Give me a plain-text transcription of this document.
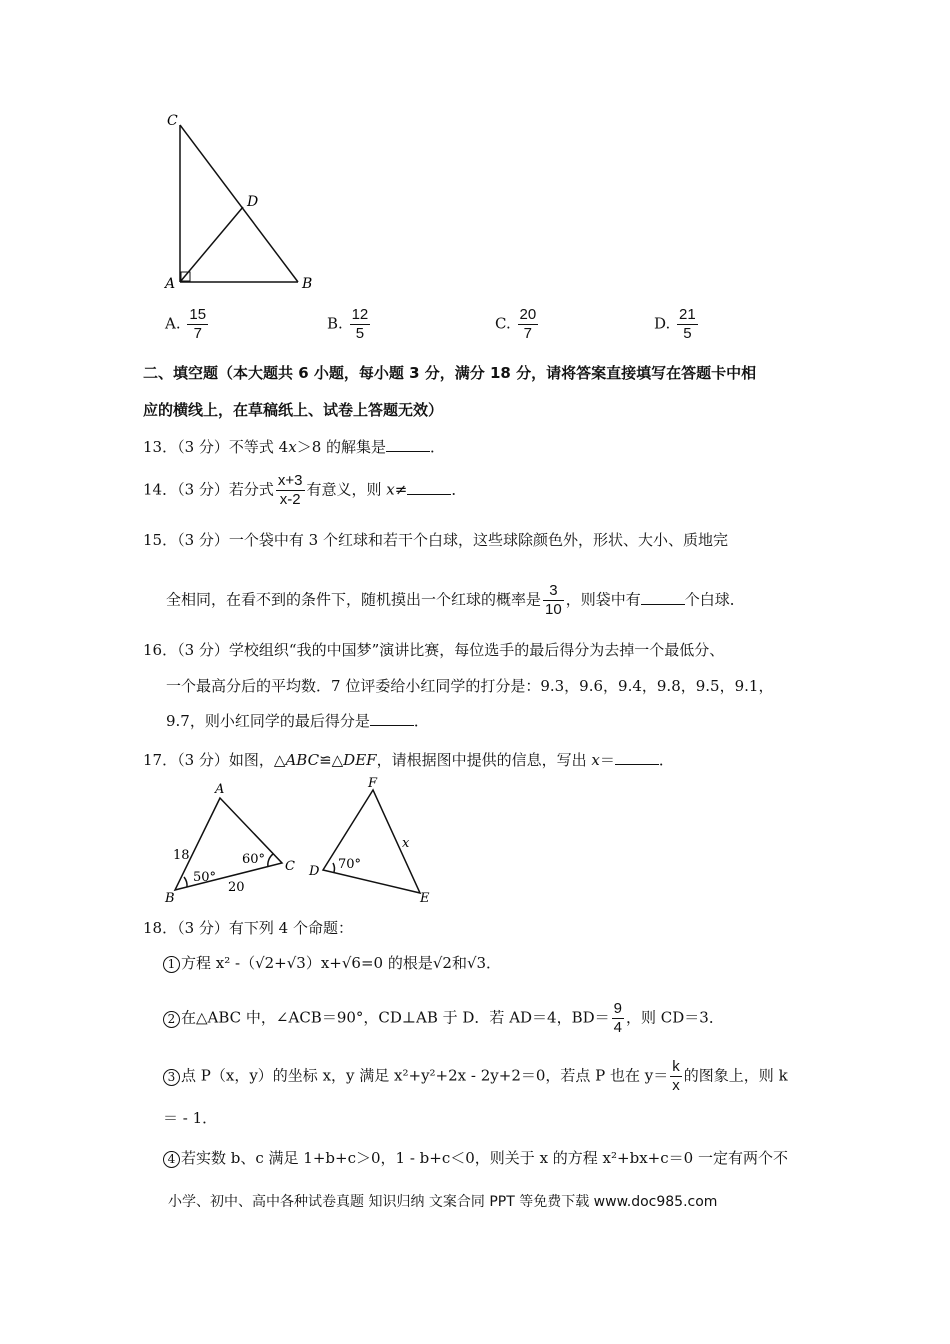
C
D
A	B
A. $\frac{15}{7}$	B. $\frac{12}{5}$	C. $\frac{20}{7}$	D. $\frac{21}{5}$
二、填空题（本大题共 6 小题，每小题 3 分，满分 18 分，请将答案直接填写在答题卡中相
应的横线上，在草稿纸上、试卷上答题无效）
13．（3 分）不等式 4x＞8 的解集是	．
14．（3 分）若分式 $\frac{x+3}{x-2}$ 有意义，则 x≠	．
15．（3 分）一个袋中有 3 个红球和若干个白球，这些球除颜色外，形状、大小、质地完
全相同，在看不到的条件下，随机摸出一个红球的概率是 $\frac{3}{10}$ ，则袋中有	个白球．
16．（3 分）学校组织“我的中国梦”演讲比赛，每位选手的最后得分为去掉一个最低分、
一个最高分后的平均数．7 位评委给小红同学的打分是：9.3，9.6，9.4，9.8，9.5，9.1，
9.7，则小红同学的最后得分是	．
17．（3 分）如图，△ABC≌△DEF，请根据图中提供的信息，写出 x＝	．
A
18
50°
60° C
B
20
F
x
D 70°
E
18．（3 分）有下列 4 个命题：
1 方程 x² -（√2+√3）x+√6=0 的根是√2和√3．
2 在△ABC 中，∠ACB＝90°，CD⊥AB 于 D．若 AD＝4，$BD= \frac{9}{4}$ ，则 CD＝3．
3 点 P（x，y）的坐标 x，y 满足 x²+y²+2x - 2y+2＝0，若点 P 也在 $y= \frac{k}{x}$ 的图象上，则 k
＝ - 1．
4 若实数 b、c 满足 1+b+c＞0，1 - b+c＜0，则关于 x 的方程 x²+bx+c＝0 一定有两个不
小学、初中、高中各种试卷真题 知识归纳 文案合同 PPT 等免费下载 www.doc985.com
